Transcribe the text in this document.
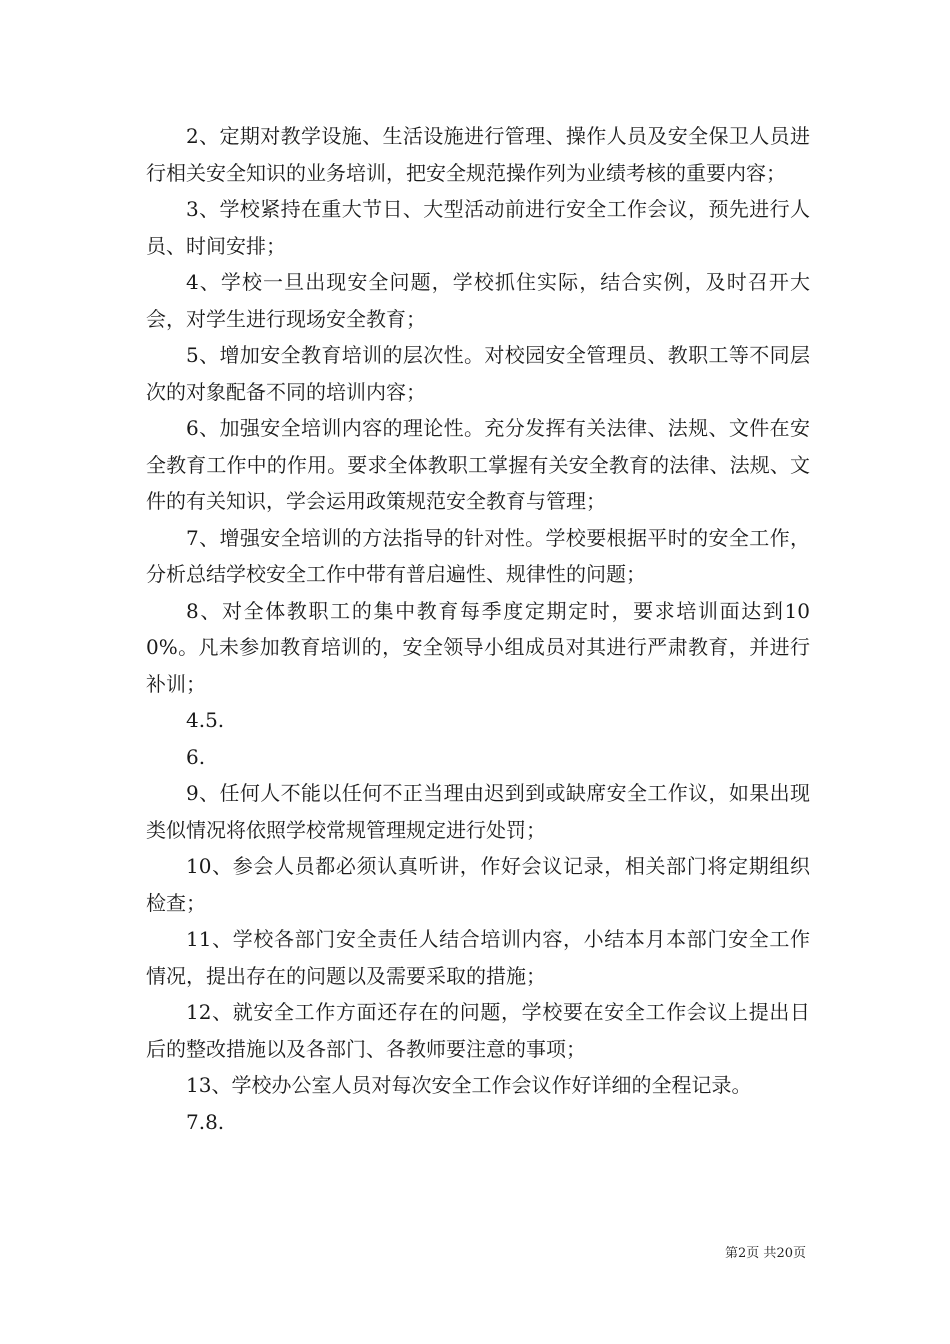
2、定期对教学设施、生活设施进行管理、操作人员及安全保卫人员进行相关安全知识的业务培训，把安全规范操作列为业绩考核的重要内容；

3、学校紧持在重大节日、大型活动前进行安全工作会议，预先进行人员、时间安排；

4、学校一旦出现安全问题，学校抓住实际，结合实例，及时召开大会，对学生进行现场安全教育；

5、增加安全教育培训的层次性。对校园安全管理员、教职工等不同层次的对象配备不同的培训内容；

6、加强安全培训内容的理论性。充分发挥有关法律、法规、文件在安全教育工作中的作用。要求全体教职工掌握有关安全教育的法律、法规、文件的有关知识，学会运用政策规范安全教育与管理；

7、增强安全培训的方法指导的针对性。学校要根据平时的安全工作，分析总结学校安全工作中带有普启遍性、规律性的问题；

8、对全体教职工的集中教育每季度定期定时，要求培训面达到100%。凡未参加教育培训的，安全领导小组成员对其进行严肃教育，并进行补训；

4.5.

6.

9、任何人不能以任何不正当理由迟到到或缺席安全工作议，如果出现类似情况将依照学校常规管理规定进行处罚；

10、参会人员都必须认真听讲，作好会议记录，相关部门将定期组织检查；

11、学校各部门安全责任人结合培训内容，小结本月本部门安全工作情况，提出存在的问题以及需要采取的措施；

12、就安全工作方面还存在的问题，学校要在安全工作会议上提出日后的整改措施以及各部门、各教师要注意的事项；

13、学校办公室人员对每次安全工作会议作好详细的全程记录。

7.8.

第2页 共20页
